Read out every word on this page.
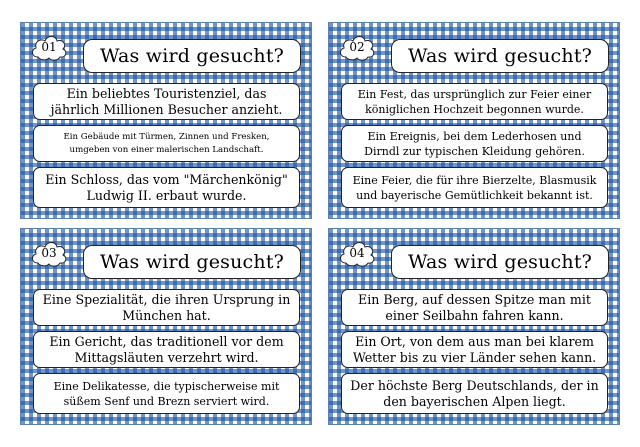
01	Was wird gesucht?
Ein beliebtes Touristenziel, das jährlich Millionen Besucher anzieht.
Ein Gebäude mit Türmen, Zinnen und Fresken, umgeben von einer malerischen Landschaft.
Ein Schloss, das vom "Märchenkönig" Ludwig II. erbaut wurde.
02	Was wird gesucht?
Ein Fest, das ursprünglich zur Feier einer königlichen Hochzeit begonnen wurde.
Ein Ereignis, bei dem Lederhosen und Dirndl zur typischen Kleidung gehören.
Eine Feier, die für ihre Bierzelte, Blasmusik und bayerische Gemütlichkeit bekannt ist.
03	Was wird gesucht?
Eine Spezialität, die ihren Ursprung in München hat.
Ein Gericht, das traditionell vor dem Mittagsläuten verzehrt wird.
Eine Delikatesse, die typischerweise mit süßem Senf und Brezn serviert wird.
04	Was wird gesucht?
Ein Berg, auf dessen Spitze man mit einer Seilbahn fahren kann.
Ein Ort, von dem aus man bei klarem Wetter bis zu vier Länder sehen kann.
Der höchste Berg Deutschlands, der in den bayerischen Alpen liegt.
